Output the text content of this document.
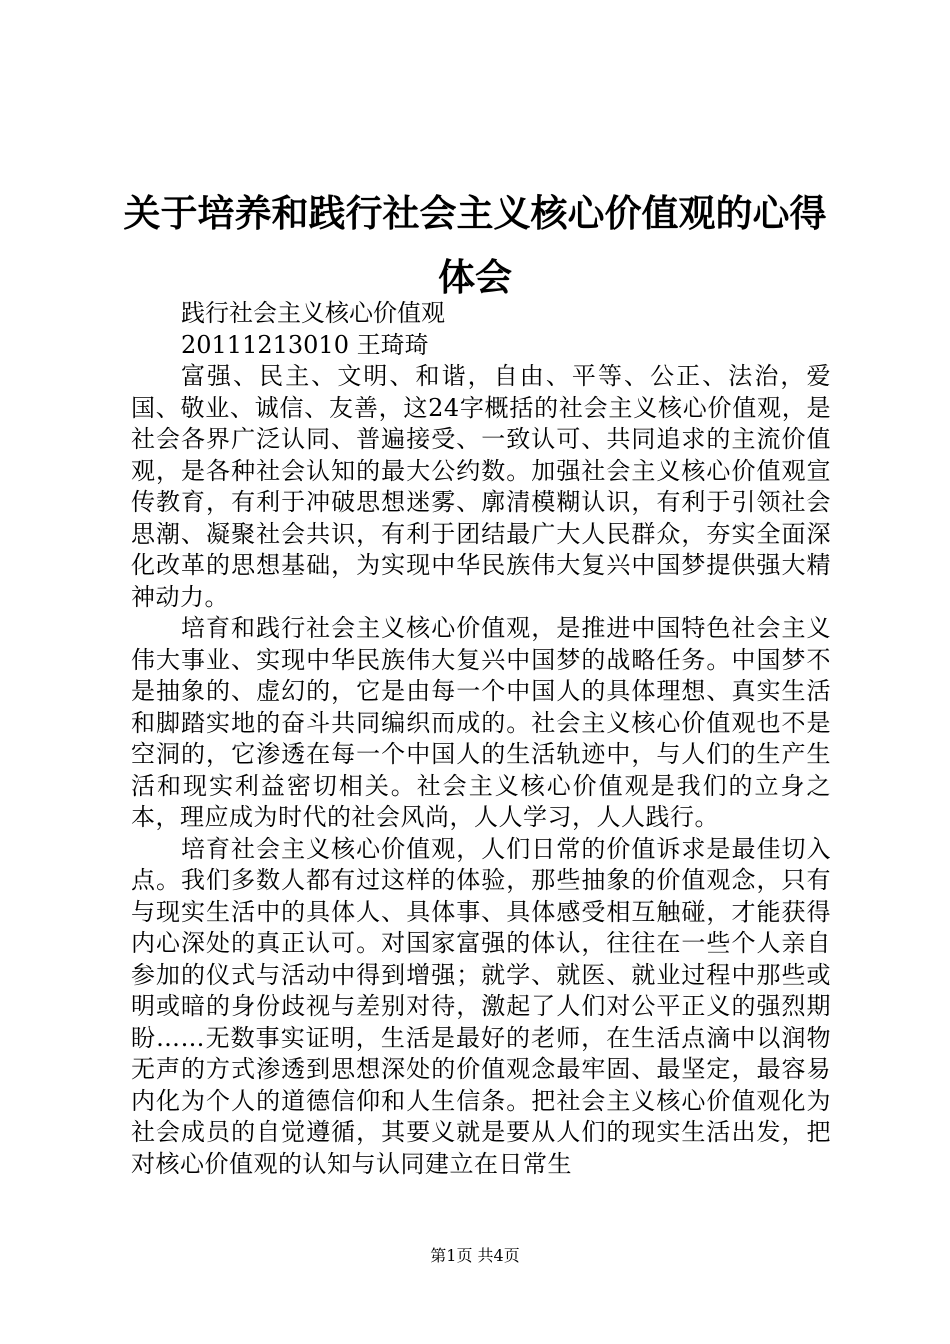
关于培养和践行社会主义核心价值观的心得体会

践行社会主义核心价值观

20111213010 王琦琦

富强、民主、文明、和谐，自由、平等、公正、法治，爱国、敬业、诚信、友善，这24字概括的社会主义核心价值观，是社会各界广泛认同、普遍接受、一致认可、共同追求的主流价值观，是各种社会认知的最大公约数。加强社会主义核心价值观宣传教育，有利于冲破思想迷雾、廓清模糊认识，有利于引领社会思潮、凝聚社会共识，有利于团结最广大人民群众，夯实全面深化改革的思想基础，为实现中华民族伟大复兴中国梦提供强大精神动力。

培育和践行社会主义核心价值观，是推进中国特色社会主义伟大事业、实现中华民族伟大复兴中国梦的战略任务。中国梦不是抽象的、虚幻的，它是由每一个中国人的具体理想、真实生活和脚踏实地的奋斗共同编织而成的。社会主义核心价值观也不是空洞的，它渗透在每一个中国人的生活轨迹中，与人们的生产生活和现实利益密切相关。社会主义核心价值观是我们的立身之本，理应成为时代的社会风尚，人人学习，人人践行。

培育社会主义核心价值观，人们日常的价值诉求是最佳切入点。我们多数人都有过这样的体验，那些抽象的价值观念，只有与现实生活中的具体人、具体事、具体感受相互触碰，才能获得内心深处的真正认可。对国家富强的体认，往往在一些个人亲自参加的仪式与活动中得到增强；就学、就医、就业过程中那些或明或暗的身份歧视与差别对待，激起了人们对公平正义的强烈期盼……无数事实证明，生活是最好的老师，在生活点滴中以润物无声的方式渗透到思想深处的价值观念最牢固、最坚定，最容易内化为个人的道德信仰和人生信条。把社会主义核心价值观化为社会成员的自觉遵循，其要义就是要从人们的现实生活出发，把对核心价值观的认知与认同建立在日常生

第1页 共4页
